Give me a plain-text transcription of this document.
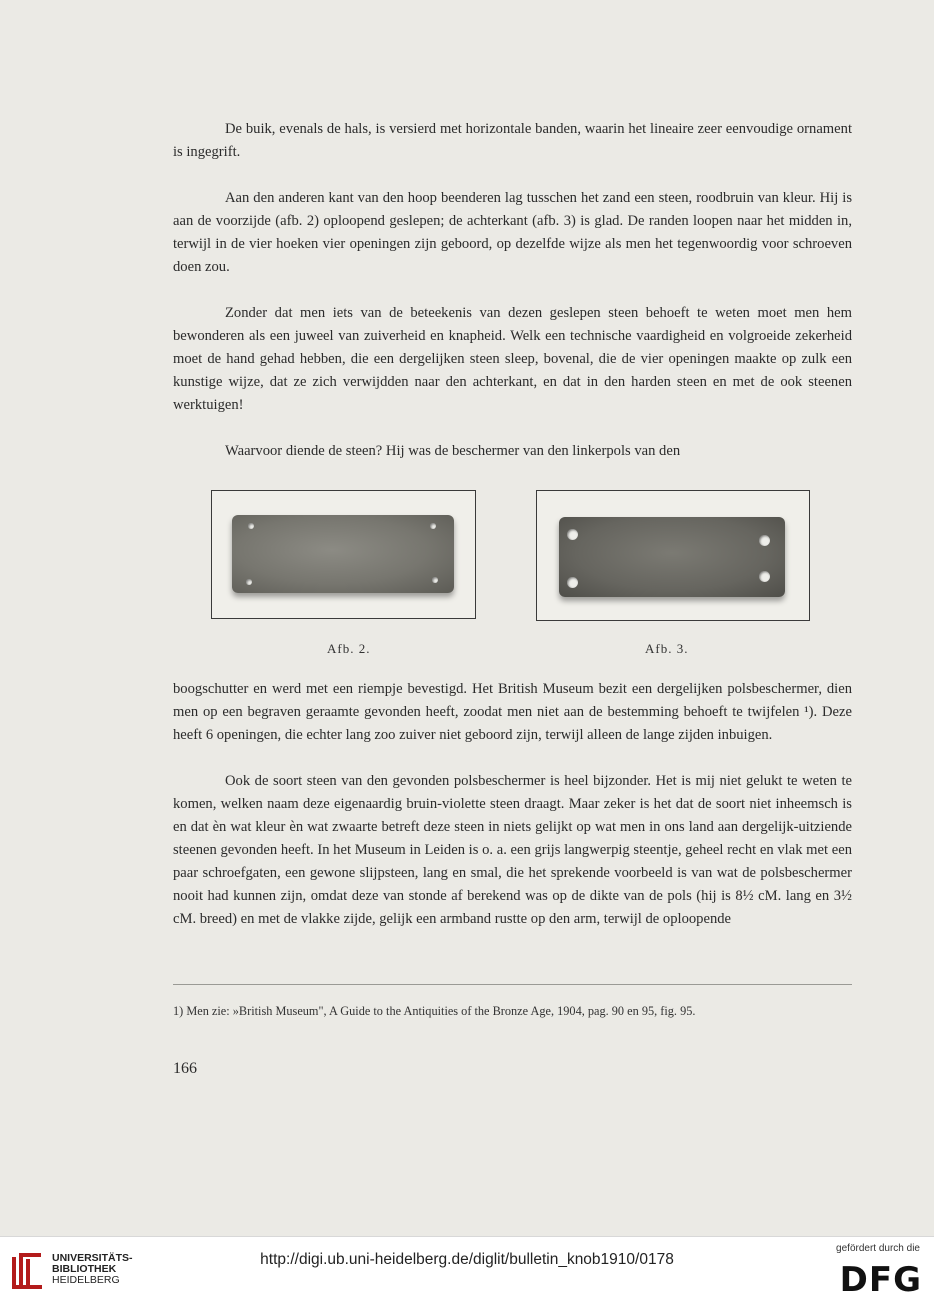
De buik, evenals de hals, is versierd met horizontale banden, waarin het lineaire zeer eenvoudige ornament is ingegrift.

Aan den anderen kant van den hoop beenderen lag tusschen het zand een steen, roodbruin van kleur. Hij is aan de voorzijde (afb. 2) oploopend geslepen; de achterkant (afb. 3) is glad. De randen loopen naar het midden in, terwijl in de vier hoeken vier openingen zijn geboord, op dezelfde wijze als men het tegenwoordig voor schroeven doen zou.

Zonder dat men iets van de beteekenis van dezen geslepen steen behoeft te weten moet men hem bewonderen als een juweel van zuiverheid en knapheid. Welk een technische vaardigheid en volgroeide zekerheid moet de hand gehad hebben, die een dergelijken steen sleep, bovenal, die de vier openingen maakte op zulk een kunstige wijze, dat ze zich verwijdden naar den achterkant, en dat in den harden steen en met de ook steenen werktuigen!

Waarvoor diende de steen? Hij was de beschermer van den linkerpols van den

Afb. 2.	Afb. 3.

boogschutter en werd met een riempje bevestigd. Het British Museum bezit een dergelijken polsbeschermer, dien men op een begraven geraamte gevonden heeft, zoodat men niet aan de bestemming behoeft te twijfelen ¹). Deze heeft 6 openingen, die echter lang zoo zuiver niet geboord zijn, terwijl alleen de lange zijden inbuigen.

Ook de soort steen van den gevonden polsbeschermer is heel bijzonder. Het is mij niet gelukt te weten te komen, welken naam deze eigenaardig bruin-violette steen draagt. Maar zeker is het dat de soort niet inheemsch is en dat èn wat kleur èn wat zwaarte betreft deze steen in niets gelijkt op wat men in ons land aan dergelijk-uitziende steenen gevonden heeft. In het Museum in Leiden is o. a. een grijs langwerpig steentje, geheel recht en vlak met een paar schroefgaten, een gewone slijpsteen, lang en smal, die het sprekende voorbeeld is van wat de polsbeschermer nooit had kunnen zijn, omdat deze van stonde af berekend was op de dikte van de pols (hij is 8½ cM. lang en 3½ cM. breed) en met de vlakke zijde, gelijk een armband rustte op den arm, terwijl de oploopende

1) Men zie: »British Museum", A Guide to the Antiquities of the Bronze Age, 1904, pag. 90 en 95, fig. 95.

166

UNIVERSITÄTS-

BIBLIOTHEK

HEIDELBERG

http://digi.ub.uni-heidelberg.de/diglit/bulletin_knob1910/0178
gefördert durch die
DFG
